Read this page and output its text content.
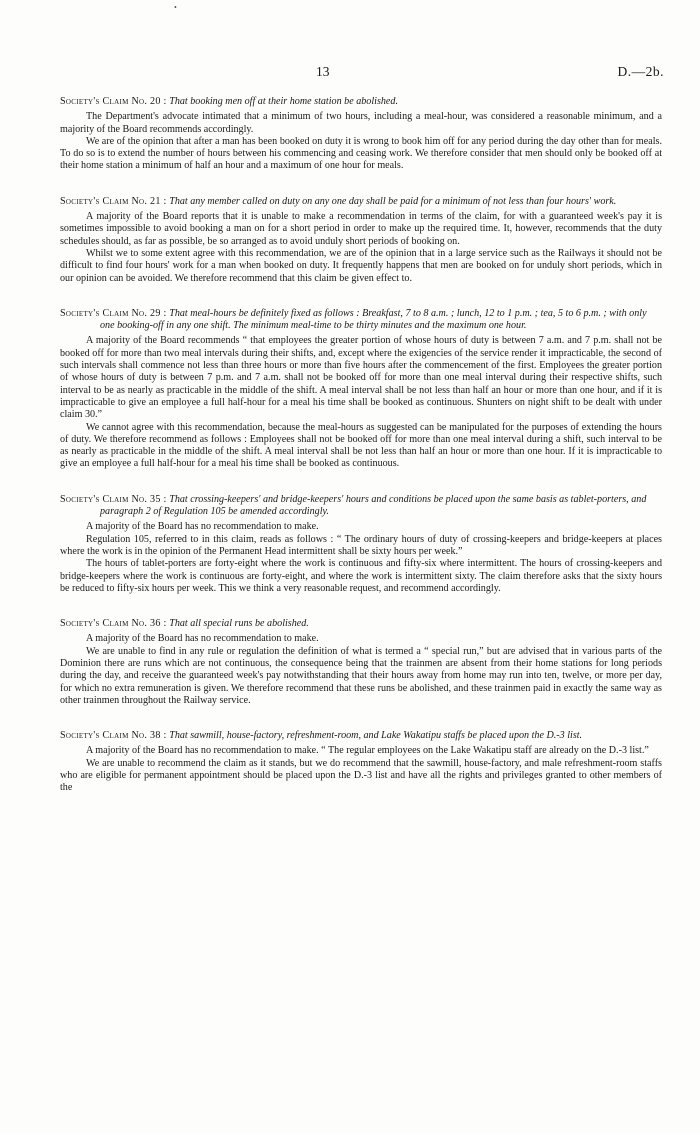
•
13	D.—2b.

Society's Claim No. 20 : That booking men off at their home station be abolished.

The Department's advocate intimated that a minimum of two hours, including a meal-hour, was considered a reasonable minimum, and a majority of the Board recommends accordingly.

We are of the opinion that after a man has been booked on duty it is wrong to book him off for any period during the day other than for meals. To do so is to extend the number of hours between his commencing and ceasing work. We therefore consider that men should only be booked off at their home station a minimum of half an hour and a maximum of one hour for meals.

Society's Claim No. 21 : That any member called on duty on any one day shall be paid for a minimum of not less than four hours' work.

A majority of the Board reports that it is unable to make a recommendation in terms of the claim, for with a guaranteed week's pay it is sometimes impossible to avoid booking a man on for a short period in order to make up the required time. It, however, recommends that the duty schedules should, as far as possible, be so arranged as to avoid unduly short periods of booking on.

Whilst we to some extent agree with this recommendation, we are of the opinion that in a large service such as the Railways it should not be difficult to find four hours' work for a man when booked on duty. It frequently happens that men are booked on for unduly short periods, which in our opinion can be avoided. We therefore recommend that this claim be given effect to.

Society's Claim No. 29 : That meal-hours be definitely fixed as follows : Breakfast, 7 to 8 a.m. ; lunch, 12 to 1 p.m. ; tea, 5 to 6 p.m. ; with only one booking-off in any one shift. The minimum meal-time to be thirty minutes and the maximum one hour.

A majority of the Board recommends “ that employees the greater portion of whose hours of duty is between 7 a.m. and 7 p.m. shall not be booked off for more than two meal intervals during their shifts, and, except where the exigencies of the service render it impracticable, the second of such intervals shall commence not less than three hours or more than five hours after the commencement of the first. Employees the greater portion of whose hours of duty is between 7 p.m. and 7 a.m. shall not be booked off for more than one meal interval during their respective shifts, such interval to be as nearly as practicable in the middle of the shift. A meal interval shall be not less than half an hour or more than one hour, and if it is impracticable to give an employee a full half-hour for a meal his time shall be booked as continuous. Shunters on night shift to be dealt with under claim 30.”

We cannot agree with this recommendation, because the meal-hours as suggested can be manipulated for the purposes of extending the hours of duty. We therefore recommend as follows : Employees shall not be booked off for more than one meal interval during a shift, such interval to be as nearly as practicable in the middle of the shift. A meal interval shall be not less than half an hour or more than one hour. If it is impracticable to give an employee a full half-hour for a meal his time shall be booked as continuous.

Society's Claim No. 35 : That crossing-keepers' and bridge-keepers' hours and conditions be placed upon the same basis as tablet-porters, and paragraph 2 of Regulation 105 be amended accordingly.

A majority of the Board has no recommendation to make.

Regulation 105, referred to in this claim, reads as follows : “ The ordinary hours of duty of crossing-keepers and bridge-keepers at places where the work is in the opinion of the Permanent Head intermittent shall be sixty hours per week.”

The hours of tablet-porters are forty-eight where the work is continuous and fifty-six where intermittent. The hours of crossing-keepers and bridge-keepers where the work is continuous are forty-eight, and where the work is intermittent sixty. The claim therefore asks that the sixty hours be reduced to fifty-six hours per week. This we think a very reasonable request, and recommend accordingly.

Society's Claim No. 36 : That all special runs be abolished.

A majority of the Board has no recommendation to make.

We are unable to find in any rule or regulation the definition of what is termed a “ special run,” but are advised that in various parts of the Dominion there are runs which are not continuous, the consequence being that the trainmen are absent from their home stations for long periods during the day, and receive the guaranteed week's pay notwithstanding that their hours away from home may run into ten, twelve, or more per day, for which no extra remuneration is given. We therefore recommend that these runs be abolished, and these trainmen paid in exactly the same way as other trainmen throughout the Railway service.

Society's Claim No. 38 : That sawmill, house-factory, refreshment-room, and Lake Wakatipu staffs be placed upon the D.-3 list.

A majority of the Board has no recommendation to make. “ The regular employees on the Lake Wakatipu staff are already on the D.-3 list.”

We are unable to recommend the claim as it stands, but we do recommend that the sawmill, house-factory, and male refreshment-room staffs who are eligible for permanent appointment should be placed upon the D.-3 list and have all the rights and privileges granted to other members of the
